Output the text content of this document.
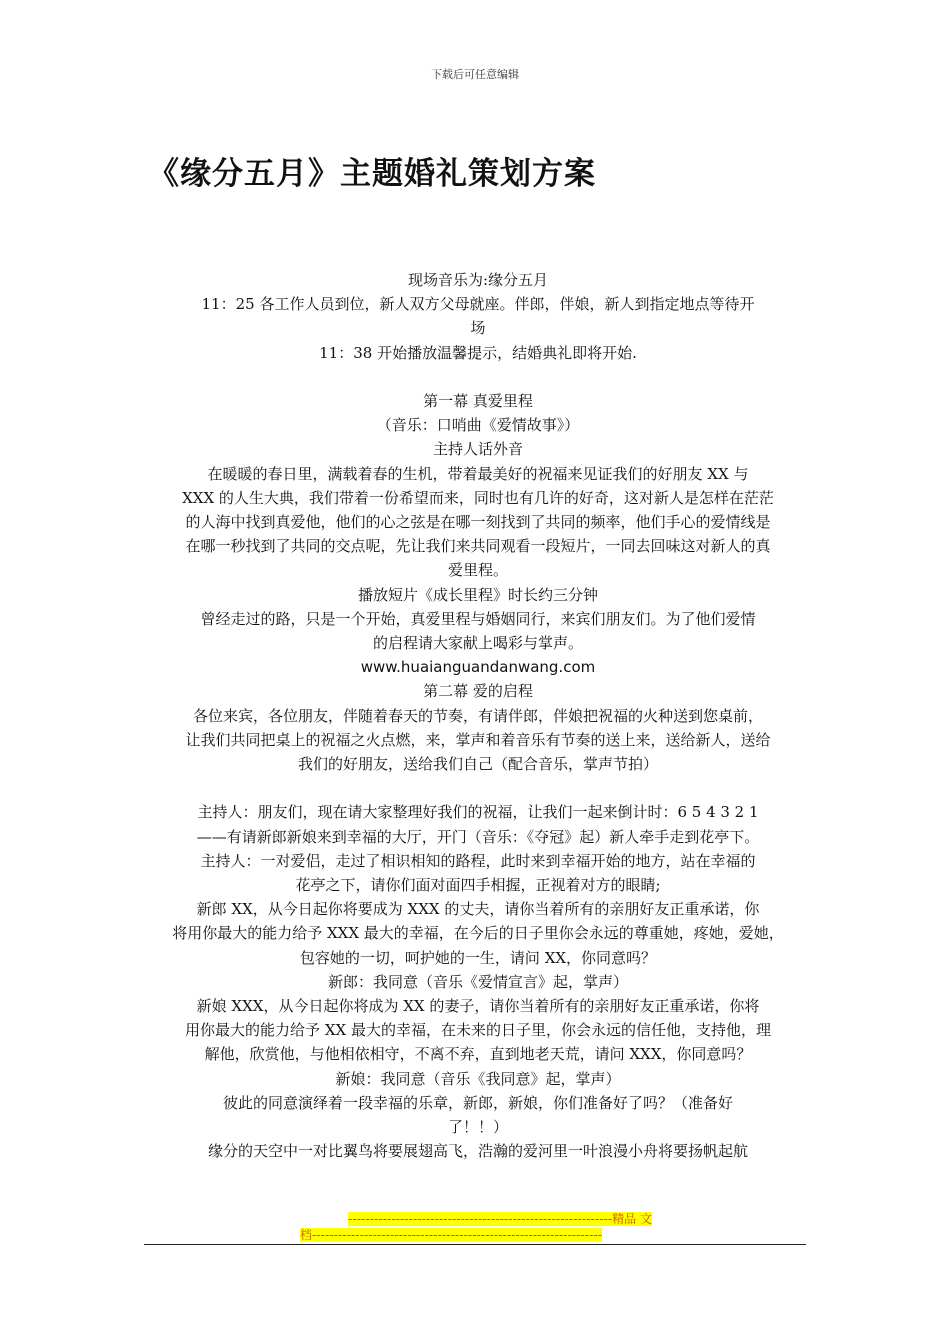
下载后可任意编辑
《缘分五月》主题婚礼策划方案

现场音乐为:缘分五月

11：25 各工作人员到位，新人双方父母就座。伴郎，伴娘，新人到指定地点等待开

场

11：38 开始播放温馨提示，结婚典礼即将开始.

第一幕 真爱里程

（音乐：口哨曲《爱情故事》）

主持人话外音

在暖暖的春日里，满载着春的生机，带着最美好的祝福来见证我们的好朋友 XX 与

XXX 的人生大典，我们带着一份希望而来，同时也有几许的好奇，这对新人是怎样在茫茫

的人海中找到真爱他，他们的心之弦是在哪一刻找到了共同的频率，他们手心的爱情线是

在哪一秒找到了共同的交点呢，先让我们来共同观看一段短片，一同去回味这对新人的真

爱里程。

播放短片《成长里程》时长约三分钟

曾经走过的路，只是一个开始，真爱里程与婚姻同行，来宾们朋友们。为了他们爱情

的启程请大家献上喝彩与掌声。

www.huaianguandanwang.com

第二幕 爱的启程

各位来宾，各位朋友，伴随着春天的节奏，有请伴郎，伴娘把祝福的火种送到您桌前，

让我们共同把桌上的祝福之火点燃，来，掌声和着音乐有节奏的送上来，送给新人，送给

我们的好朋友，送给我们自己（配合音乐，掌声节拍）

主持人：朋友们，现在请大家整理好我们的祝福，让我们一起来倒计时：6 5 4 3 2 1

——有请新郎新娘来到幸福的大厅，开门（音乐：《夺冠》起）新人牵手走到花亭下。

主持人：一对爱侣，走过了相识相知的路程，此时来到幸福开始的地方，站在幸福的

花亭之下，请你们面对面四手相握，正视着对方的眼睛;

新郎 XX，从今日起你将要成为 XXX 的丈夫，请你当着所有的亲朋好友正重承诺，你

将用你最大的能力给予 XXX 最大的幸福，在今后的日子里你会永远的尊重她，疼她，爱她，

包容她的一切，呵护她的一生，请问 XX，你同意吗？

新郎：我同意（音乐《爱情宣言》起，掌声）

新娘 XXX，从今日起你将成为 XX 的妻子，请你当着所有的亲朋好友正重承诺，你将

用你最大的能力给予 XX 最大的幸福，在未来的日子里，你会永远的信任他，支持他，理

解他，欣赏他，与他相依相守，不离不弃，直到地老天荒，请问 XXX，你同意吗？

新娘：我同意（音乐《我同意》起，掌声）

彼此的同意演绎着一段幸福的乐章，新郎，新娘，你们准备好了吗？（准备好

了！！）

缘分的天空中一对比翼鸟将要展翅高飞，浩瀚的爱河里一叶浪漫小舟将要扬帆起航

-------------------------------------------------------------精品 文
档-------------------------------------------------------------------
